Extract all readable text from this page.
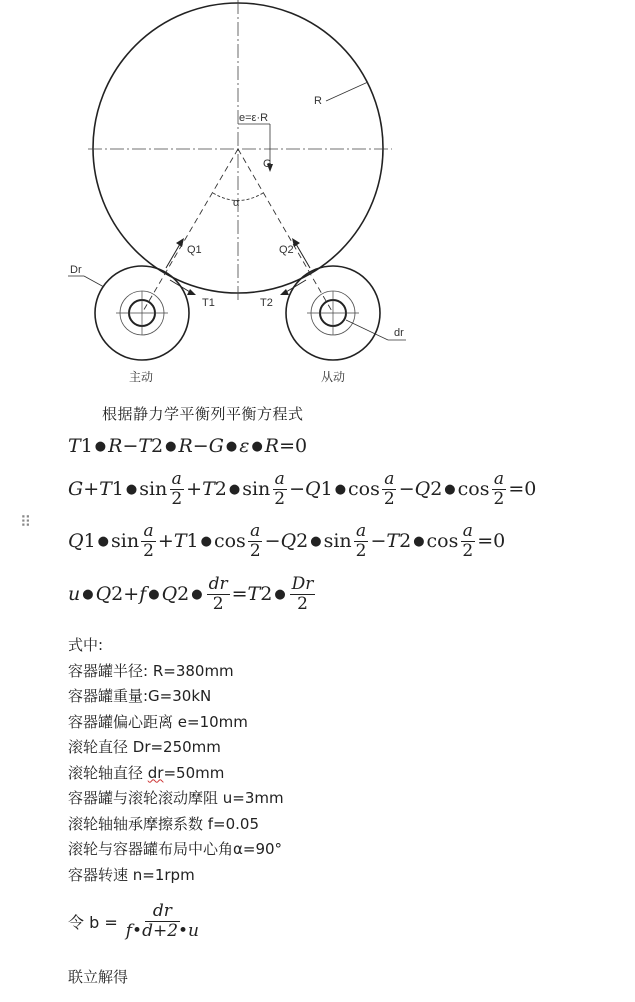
e=ε·R
G
R
α
Q1	Q2
T1	T2
Dr
dr
主动	从动
根据静力学平衡列平衡方程式
T 1 ● R − T 2 ● R − G ● ε ● R =0
G + T 1 ● $\sin \frac{a}{2} + T$ 2 ● $\sin \frac{a}{2} - Q$ 1 ● $\cos \frac{a}{2} - Q$ 2 ● $\cos \frac{a}{2} =0$
⠿
Q 1 ● $\sin \frac{a}{2} + T$ 1 ● $\cos \frac{a}{2} - Q$ 2 ● $\sin \frac{a}{2} - T$ 2 ● $\cos \frac{a}{2} =0$
u ● Q 2+ f ● Q 2 ● $\frac{dr}{2} = T$ 2 ● $\frac{Dr}{2}$
式中:
容器罐半径: R=380mm
容器罐重量:G=30kN
容器罐偏心距离 e=10mm
滚轮直径 Dr=250mm
滚轮轴直径 dr=50mm
容器罐与滚轮滚动摩阻 u=3mm
滚轮轴轴承摩擦系数 f=0.05
滚轮与容器罐布局中心角α=90°
容器转速 n=1rpm
令 $b = \frac{dr}{f•d+2•u}$
联立解得
